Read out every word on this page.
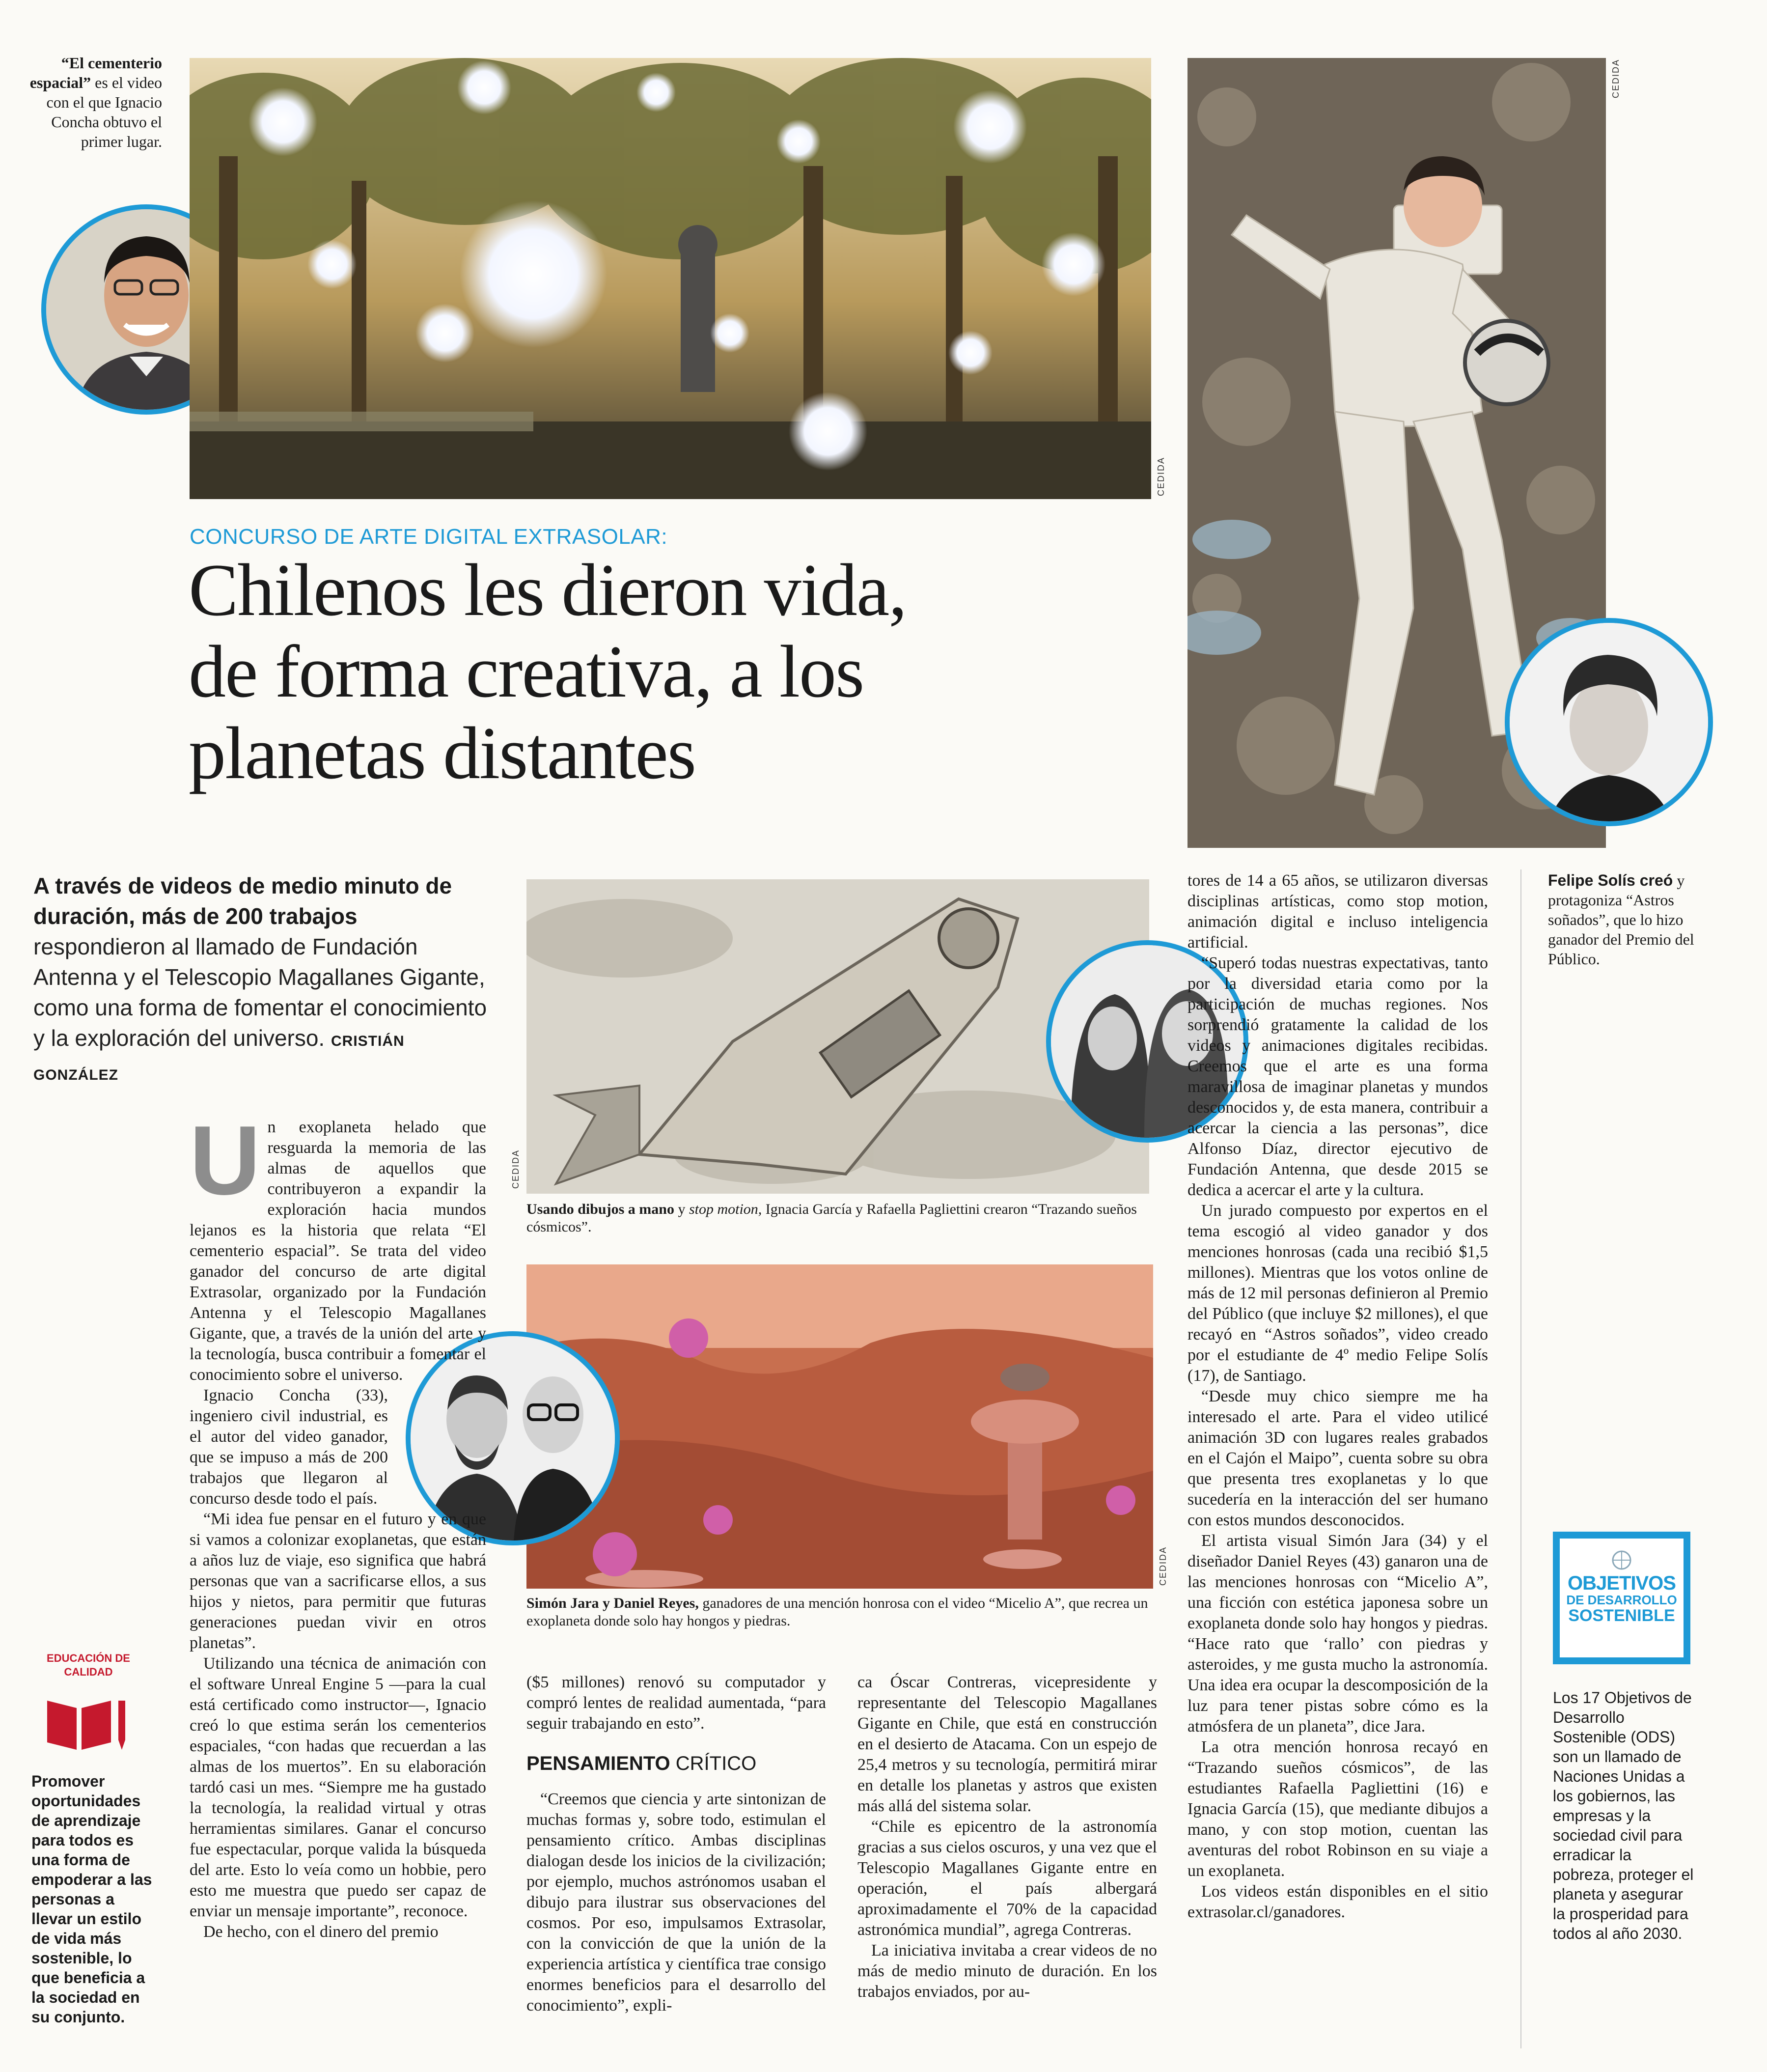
“El cementerio espacial” es el video con el que Ignacio Concha obtuvo el primer lugar.
CEDIDA
CEDIDA
CONCURSO DE ARTE DIGITAL EXTRASOLAR:
Chilenos les dieron vida,
de forma creativa, a los
planetas distantes
A través de videos de medio minuto de duración, más de 200 trabajos respondieron al llamado de Fundación Antenna y el Telescopio Magallanes Gigante, como una forma de fomentar el conocimiento y la exploración del universo. CRISTIÁN GONZÁLEZ
CEDIDA
Usando dibujos a mano y stop motion, Ignacia García y Rafaella Pagliettini crearon “Trazando sueños cósmicos”.
CEDIDA
Simón Jara y Daniel Reyes, ganadores de una mención honrosa con el video “Micelio A”, que recrea un exoplaneta donde solo hay hongos y piedras.
U n exoplaneta helado que resguarda la memoria de las almas de aquellos que contribuyeron a expandir la exploración hacia mundos lejanos es la historia que relata “El cementerio espacial”. Se trata del video ganador del concurso de arte digital Extrasolar, organizado por la Fundación Antenna y el Telescopio Magallanes Gigante, que, a través de la unión del arte y la tecnología, busca contribuir a fomentar el conocimiento sobre el universo.

Ignacio Concha (33), ingeniero civil industrial, es el autor del video ganador, que se impuso a más de 200 trabajos que llegaron al concurso desde todo el país.

“Mi idea fue pensar en el futuro y en que si vamos a colonizar exoplanetas, que están a años luz de viaje, eso significa que habrá personas que van a sacrificarse ellos, a sus hijos y nietos, para permitir que futuras generaciones puedan vivir en otros planetas”.

Utilizando una técnica de animación con el software Unreal Engine 5 —para la cual está certificado como instructor—, Ignacio creó lo que estima serán los cementerios espaciales, “con hadas que recuerdan a las almas de los muertos”. En su elaboración tardó casi un mes. “Siempre me ha gustado la tecnología, la realidad virtual y otras herramientas similares. Ganar el concurso fue espectacular, porque valida la búsqueda del arte. Esto lo veía como un hobbie, pero esto me muestra que puedo ser capaz de enviar un mensaje importante”, reconoce.

De hecho, con el dinero del premio

($5 millones) renovó su computador y compró lentes de realidad aumentada, “para seguir trabajando en esto”.

PENSAMIENTO CRÍTICO

“Creemos que ciencia y arte sintonizan de muchas formas y, sobre todo, estimulan el pensamiento crítico. Ambas disciplinas dialogan desde los inicios de la civilización; por ejemplo, muchos astrónomos usaban el dibujo para ilustrar sus observaciones del cosmos. Por eso, impulsamos Extrasolar, con la convicción de que la unión de la experiencia artística y científica trae consigo enormes beneficios para el desarrollo del conocimiento”, expli-

ca Óscar Contreras, vicepresidente y representante del Telescopio Magallanes Gigante en Chile, que está en construcción en el desierto de Atacama. Con un espejo de 25,4 metros y su tecnología, permitirá mirar en detalle los planetas y astros que existen más allá del sistema solar.

“Chile es epicentro de la astronomía gracias a sus cielos oscuros, y una vez que el Telescopio Magallanes Gigante entre en operación, el país albergará aproximadamente el 70% de la capacidad astronómica mundial”, agrega Contreras.

La iniciativa invitaba a crear videos de no más de medio minuto de duración. En los trabajos enviados, por au-

tores de 14 a 65 años, se utilizaron diversas disciplinas artísticas, como stop motion, animación digital e incluso inteligencia artificial.

“Superó todas nuestras expectativas, tanto por la diversidad etaria como por la participación de muchas regiones. Nos sorprendió gratamente la calidad de los videos y animaciones digitales recibidas. Creemos que el arte es una forma maravillosa de imaginar planetas y mundos desconocidos y, de esta manera, contribuir a acercar la ciencia a las personas”, dice Alfonso Díaz, director ejecutivo de Fundación Antenna, que desde 2015 se dedica a acercar el arte y la cultura.

Un jurado compuesto por expertos en el tema escogió al video ganador y dos menciones honrosas (cada una recibió $1,5 millones). Mientras que los votos online de más de 12 mil personas definieron al Premio del Público (que incluye $2 millones), el que recayó en “Astros soñados”, video creado por el estudiante de 4º medio Felipe Solís (17), de Santiago.

“Desde muy chico siempre me ha interesado el arte. Para el video utilicé animación 3D con lugares reales grabados en el Cajón el Maipo”, cuenta sobre su obra que presenta tres exoplanetas y lo que sucedería en la interacción del ser humano con estos mundos desconocidos.

El artista visual Simón Jara (34) y el diseñador Daniel Reyes (43) ganaron una de las menciones honrosas con “Micelio A”, una ficción con estética japonesa sobre un exoplaneta donde solo hay hongos y piedras. “Hace rato que ‘rallo’ con piedras y asteroides, y me gusta mucho la astronomía. Una idea era ocupar la descomposición de la luz para tener pistas sobre cómo es la atmósfera de un planeta”, dice Jara.

La otra mención honrosa recayó en “Trazando sueños cósmicos”, de las estudiantes Rafaella Pagliettini (16) e Ignacia García (15), que mediante dibujos a mano, y con stop motion, cuentan las aventuras del robot Robinson en su viaje a un exoplaneta.

Los videos están disponibles en el sitio extrasolar.cl/ganadores.

Felipe Solís creó y protagoniza “Astros soñados”, que lo hizo ganador del Premio del Público.
OBJETIVOS
DE DESARROLLO
SOSTENIBLE
Los 17 Objetivos de Desarrollo Sostenible (ODS) son un llamado de Naciones Unidas a los gobiernos, las empresas y la sociedad civil para erradicar la pobreza, proteger el planeta y asegurar la prosperidad para todos al año 2030.
EDUCACIÓN DE CALIDAD
Promover oportunidades de aprendizaje para todos es una forma de empoderar a las personas a llevar un estilo de vida más sostenible, lo que beneficia a la sociedad en su conjunto.
